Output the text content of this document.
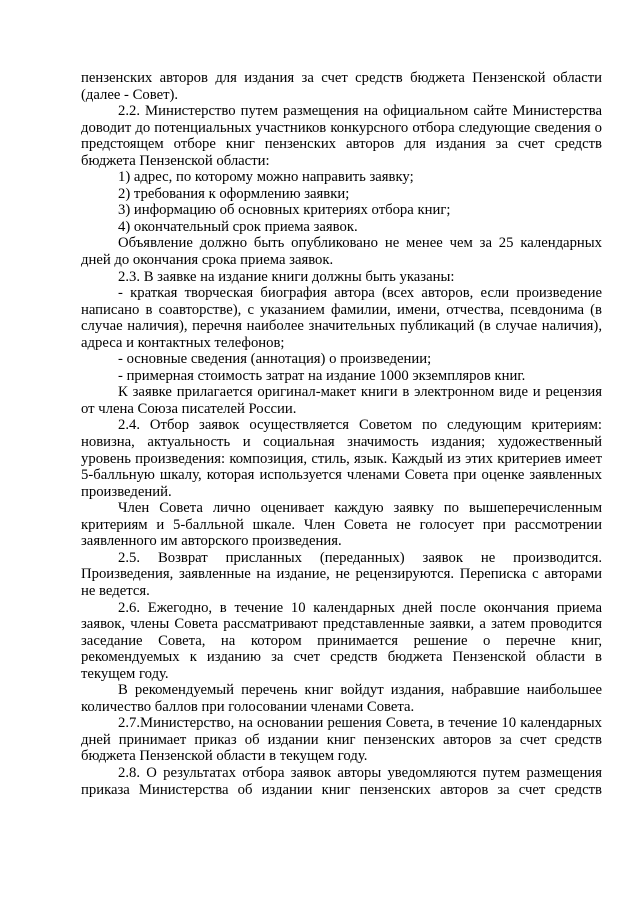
пензенских авторов для издания за счет средств бюджета Пензенской области (далее - Совет).

2.2. Министерство путем размещения на официальном сайте Министерства доводит до потенциальных участников конкурсного отбора следующие сведения о предстоящем отборе книг пензенских авторов для издания за счет средств бюджета Пензенской области:

1) адрес, по которому можно направить заявку;

2) требования к оформлению заявки;

3) информацию об основных критериях отбора книг;

4) окончательный срок приема заявок.

Объявление должно быть опубликовано не менее чем за 25 календарных дней до окончания срока приема заявок.

2.3. В заявке на издание книги должны быть указаны:

- краткая творческая биография автора (всех авторов, если произведение написано в соавторстве), с указанием фамилии, имени, отчества, псевдонима (в случае наличия), перечня наиболее значительных публикаций (в случае наличия), адреса и контактных телефонов;

- основные сведения (аннотация) о произведении;

- примерная стоимость затрат на издание 1000 экземпляров книг.

К заявке прилагается оригинал-макет книги в электронном виде и рецензия от члена Союза писателей России.

2.4. Отбор заявок осуществляется Советом по следующим критериям: новизна, актуальность и социальная значимость издания; художественный уровень произведения: композиция, стиль, язык. Каждый из этих критериев имеет 5-балльную шкалу, которая используется членами Совета при оценке заявленных произведений.

Член Совета лично оценивает каждую заявку по вышеперечисленным критериям и 5-балльной шкале. Член Совета не голосует при рассмотрении заявленного им авторского произведения.

2.5. Возврат присланных (переданных) заявок не производится. Произведения, заявленные на издание, не рецензируются. Переписка с авторами не ведется.

2.6. Ежегодно, в течение 10 календарных дней после окончания приема заявок, члены Совета рассматривают представленные заявки, а затем проводится заседание Совета, на котором принимается решение о перечне книг, рекомендуемых к изданию за счет средств бюджета Пензенской области в текущем году.

В рекомендуемый перечень книг войдут издания, набравшие наибольшее количество баллов при голосовании членами Совета.

2.7.Министерство, на основании решения Совета, в течение 10 календарных дней принимает приказ об издании книг пензенских авторов за счет средств бюджета Пензенской области в текущем году.

2.8. О результатах отбора заявок авторы уведомляются путем размещения приказа Министерства об издании книг пензенских авторов за счет средств
